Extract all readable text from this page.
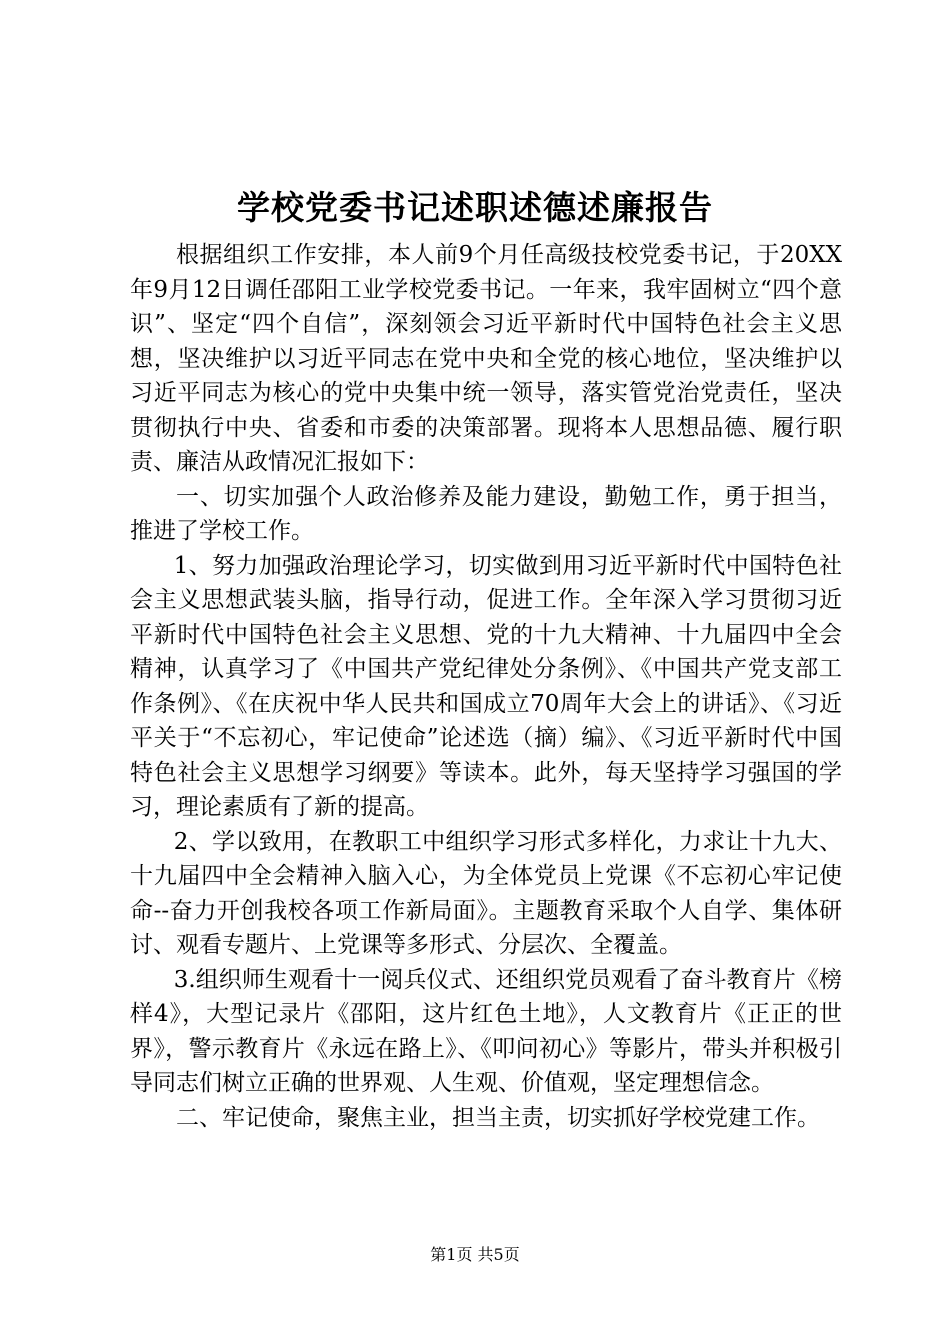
学校党委书记述职述德述廉报告

根据组织工作安排，本人前9个月任高级技校党委书记，于20XX年9月12日调任邵阳工业学校党委书记。一年来，我牢固树立“四个意识”、坚定“四个自信”，深刻领会习近平新时代中国特色社会主义思想，坚决维护以习近平同志在党中央和全党的核心地位，坚决维护以习近平同志为核心的党中央集中统一领导，落实管党治党责任，坚决贯彻执行中央、省委和市委的决策部署。现将本人思想品德、履行职责、廉洁从政情况汇报如下：

一、切实加强个人政治修养及能力建设，勤勉工作，勇于担当，推进了学校工作。

1、努力加强政治理论学习，切实做到用习近平新时代中国特色社会主义思想武装头脑，指导行动，促进工作。全年深入学习贯彻习近平新时代中国特色社会主义思想、党的十九大精神、十九届四中全会精神，认真学习了《中国共产党纪律处分条例》、《中国共产党支部工作条例》、《在庆祝中华人民共和国成立70周年大会上的讲话》、《习近平关于“不忘初心，牢记使命”论述选（摘）编》、《习近平新时代中国特色社会主义思想学习纲要》等读本。此外，每天坚持学习强国的学习，理论素质有了新的提高。

2、学以致用，在教职工中组织学习形式多样化，力求让十九大、十九届四中全会精神入脑入心，为全体党员上党课《不忘初心牢记使命--奋力开创我校各项工作新局面》。主题教育采取个人自学、集体研讨、观看专题片、上党课等多形式、分层次、全覆盖。

3.组织师生观看十一阅兵仪式、还组织党员观看了奋斗教育片《榜样4》，大型记录片《邵阳，这片红色土地》，人文教育片《正正的世界》，警示教育片《永远在路上》、《叩问初心》等影片，带头并积极引导同志们树立正确的世界观、人生观、价值观，坚定理想信念。

二、牢记使命，聚焦主业，担当主责，切实抓好学校党建工作。

第1页 共5页
